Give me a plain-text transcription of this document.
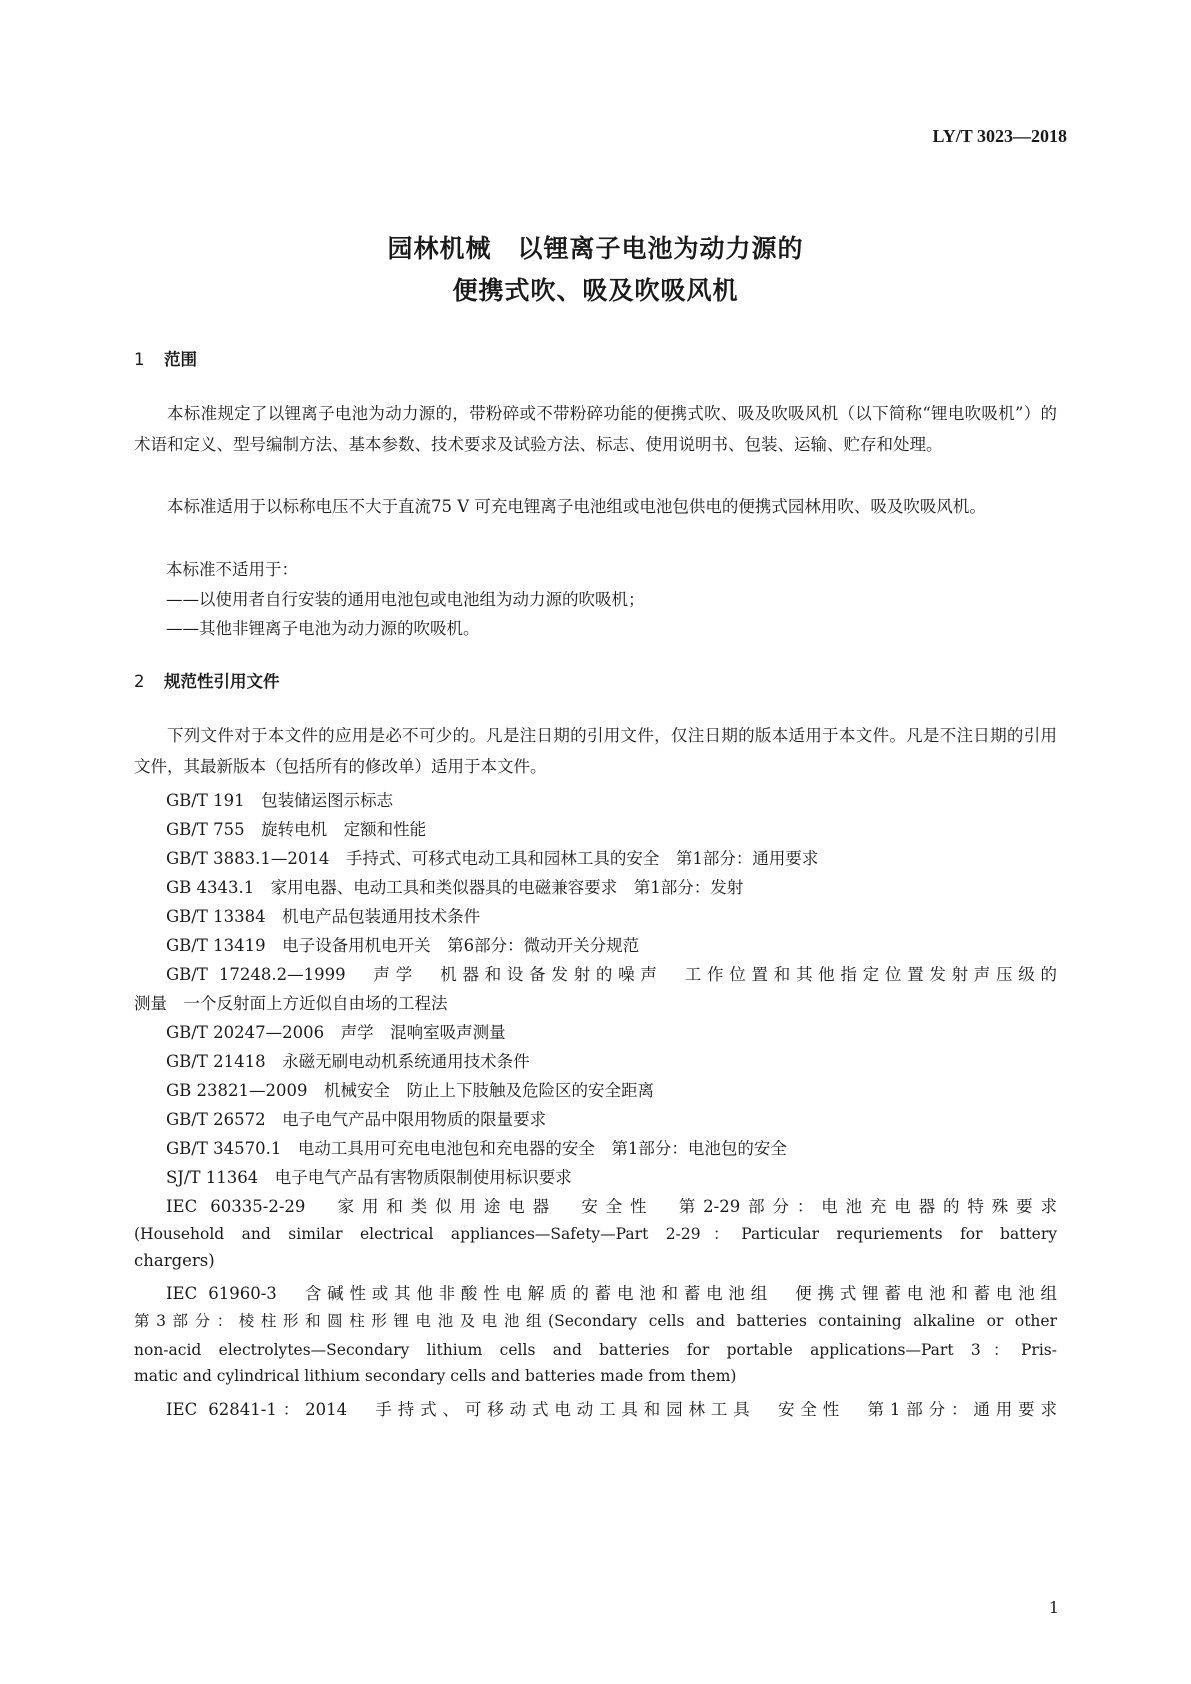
LY/T 3023—2018
园林机械 以锂离子电池为动力源的
便携式吹、吸及吹吸风机
1 范围

本标准规定了以锂离子电池为动力源的，带粉碎或不带粉碎功能的便携式吹、吸及吹吸风机（以下简称“锂电吹吸机”）的术语和定义、型号编制方法、基本参数、技术要求及试验方法、标志、使用说明书、包装、运输、贮存和处理。

本标准适用于以标称电压不大于直流75 V 可充电锂离子电池组或电池包供电的便携式园林用吹、吸及吹吸风机。

本标准不适用于：
——以使用者自行安装的通用电池包或电池组为动力源的吹吸机；
——其他非锂离子电池为动力源的吹吸机。
2 规范性引用文件

下列文件对于本文件的应用是必不可少的。凡是注日期的引用文件，仅注日期的版本适用于本文件。凡是不注日期的引用文件，其最新版本（包括所有的修改单）适用于本文件。

GB/T 191　包装储运图示标志
GB/T 755　旋转电机　定额和性能
GB/T 3883.1—2014　手持式、可移式电动工具和园林工具的安全　第1部分：通用要求
GB 4343.1　家用电器、电动工具和类似器具的电磁兼容要求　第1部分：发射
GB/T 13384　机电产品包装通用技术条件
GB/T 13419　电子设备用机电开关　第6部分：微动开关分规范
GB/T 17248.2—1999　声学　机器和设备发射的噪声　工作位置和其他指定位置发射声压级的
测量　一个反射面上方近似自由场的工程法
GB/T 20247—2006　声学　混响室吸声测量
GB/T 21418　永磁无刷电动机系统通用技术条件
GB 23821—2009　机械安全　防止上下肢触及危险区的安全距离
GB/T 26572　电子电气产品中限用物质的限量要求
GB/T 34570.1　电动工具用可充电电池包和充电器的安全　第1部分：电池包的安全
SJ/T 11364　电子电气产品有害物质限制使用标识要求
IEC 60335-2-29　家用和类似用途电器　安全性　第2-29部分：电池充电器的特殊要求
(Household and similar electrical appliances—Safety—Part 2-29：Particular requriements for battery
chargers)
IEC 61960-3　含碱性或其他非酸性电解质的蓄电池和蓄电池组　便携式锂蓄电池和蓄电池组
第3部分：棱柱形和圆柱形锂电池及电池组(Secondary cells and batteries containing alkaline or other
non-acid electrolytes—Secondary lithium cells and batteries for portable applications—Part 3：Pris-
matic and cylindrical lithium secondary cells and batteries made from them)
IEC 62841-1：2014　手持式、可移动式电动工具和园林工具　安全性　第1部分：通用要求
1
